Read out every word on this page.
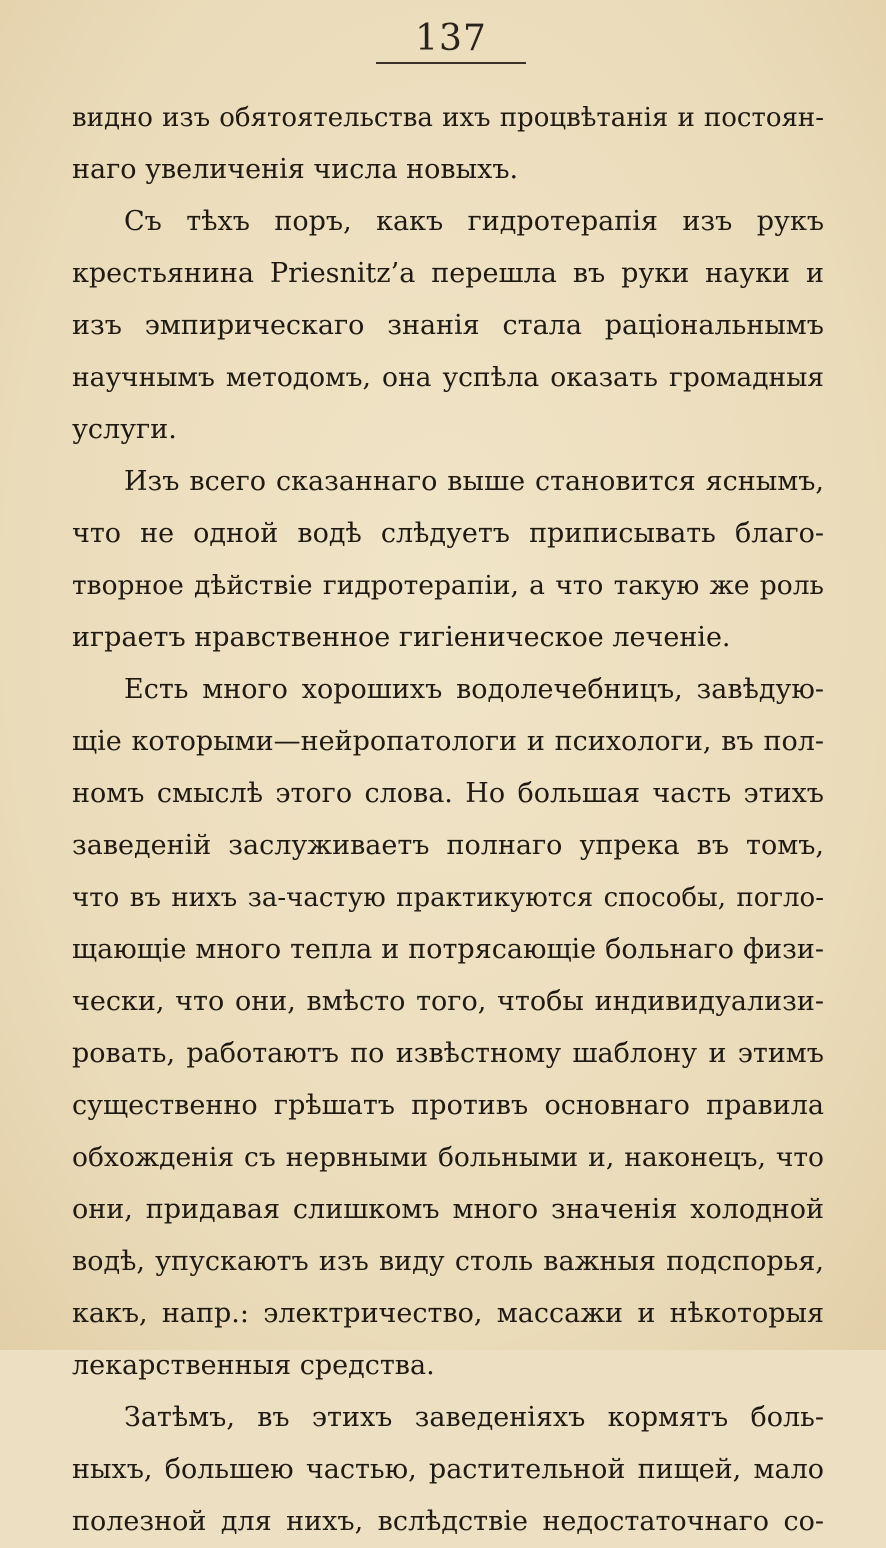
137
видно изъ обятоятельства ихъ процвѣтанія и постоян-
наго увеличенія числа новыхъ.
Съ тѣхъ поръ, какъ гидротерапія изъ рукъ
крестьянина Priesnitz’a перешла въ руки науки и
изъ эмпирическаго знанія стала раціональнымъ
научнымъ методомъ, она успѣла оказать громадныя
услуги.
Изъ всего сказаннаго выше становится яснымъ,
что не одной водѣ слѣдуетъ приписывать благо-
творное дѣйствіе гидротерапіи, а что такую же роль
играетъ нравственное гигіеническое леченіе.
Есть много хорошихъ водолечебницъ, завѣдую-
щіе которыми—нейропатологи и психологи, въ пол-
номъ смыслѣ этого слова. Но большая часть этихъ
заведеній заслуживаетъ полнаго упрека въ томъ,
что въ нихъ за-частую практикуются способы, погло-
щающіе много тепла и потрясающіе больнаго физи-
чески, что они, вмѣсто того, чтобы индивидуализи-
ровать, работаютъ по извѣстному шаблону и этимъ
существенно грѣшатъ противъ основнаго правила
обхожденія съ нервными больными и, наконецъ, что
они, придавая слишкомъ много значенія холодной
водѣ, упускаютъ изъ виду столь важныя подспорья,
какъ, напр.: электричество, массажи и нѣкоторыя
лекарственныя средства.
Затѣмъ, въ этихъ заведеніяхъ кормятъ боль-
ныхъ, большею частью, растительной пищей, мало
полезной для нихъ, вслѣдствіе недостаточнаго со-
